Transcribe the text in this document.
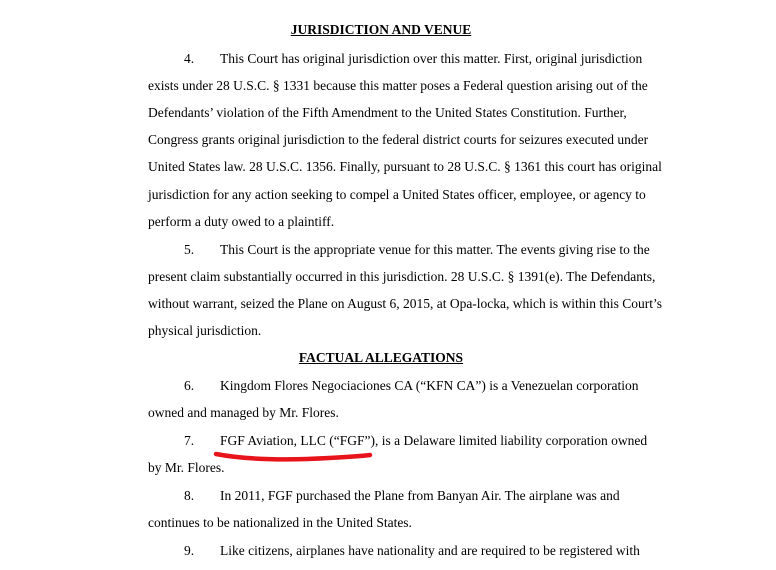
JURISDICTION AND VENUE
4. This Court has original jurisdiction over this matter. First, original jurisdiction
exists under 28 U.S.C. § 1331 because this matter poses a Federal question arising out of the
Defendants’ violation of the Fifth Amendment to the United States Constitution. Further,
Congress grants original jurisdiction to the federal district courts for seizures executed under
United States law. 28 U.S.C. 1356. Finally, pursuant to 28 U.S.C. § 1361 this court has original
jurisdiction for any action seeking to compel a United States officer, employee, or agency to
perform a duty owed to a plaintiff.
5. This Court is the appropriate venue for this matter. The events giving rise to the
present claim substantially occurred in this jurisdiction. 28 U.S.C. § 1391(e). The Defendants,
without warrant, seized the Plane on August 6, 2015, at Opa-locka, which is within this Court’s
physical jurisdiction.
FACTUAL ALLEGATIONS
6. Kingdom Flores Negociaciones CA (“KFN CA”) is a Venezuelan corporation
owned and managed by Mr. Flores.
7. FGF Aviation, LLC (“FGF”), is a Delaware limited liability corporation owned
by Mr. Flores.
8. In 2011, FGF purchased the Plane from Banyan Air. The airplane was and
continues to be nationalized in the United States.
9. Like citizens, airplanes have nationality and are required to be registered with
